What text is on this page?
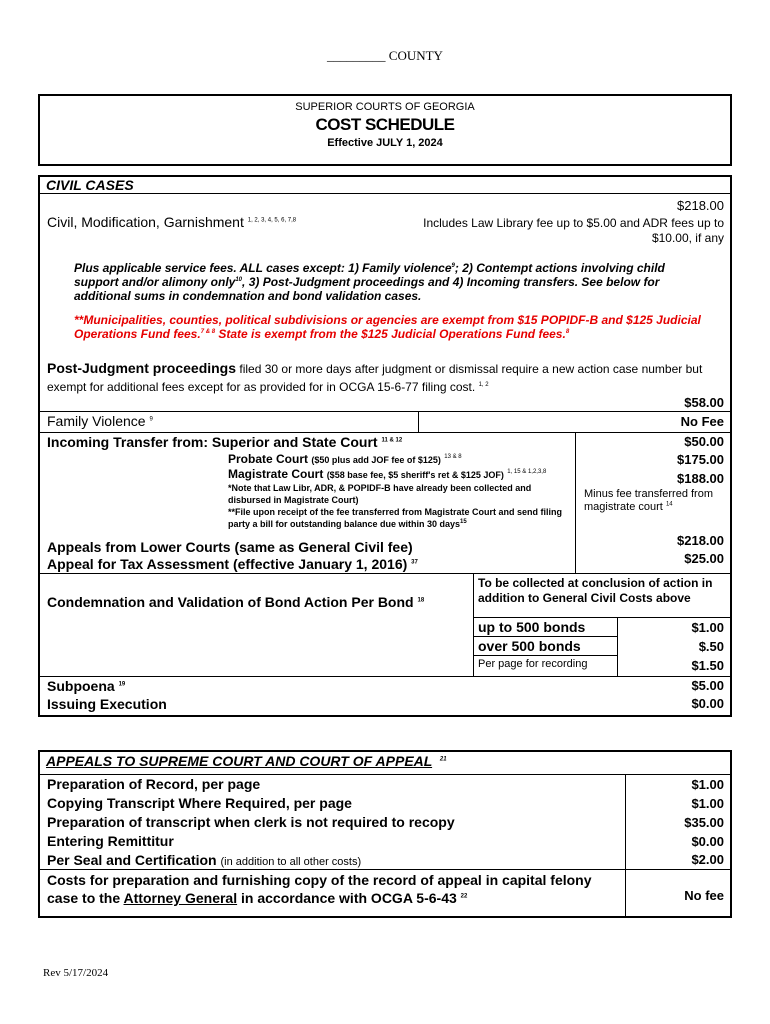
_________ COUNTY
SUPERIOR COURTS OF GEORGIA
COST SCHEDULE
Effective JULY 1, 2024
CIVIL CASES
Civil, Modification, Garnishment $^{1, 2, 3, 4, 5, 6, 7,8}$
$218.00
Includes Law Library fee up to $5.00 and ADR fees up to $10.00, if any
Plus applicable service fees. ALL cases except: 1) Family violence$^9$; 2) Contempt actions involving child support and/or alimony only$^{10}$, 3) Post-Judgment proceedings and 4) Incoming transfers. See below for additional sums in condemnation and bond validation cases.
**Municipalities, counties, political subdivisions or agencies are exempt from $15 POPIDF-B and $125 Judicial Operations Fund fees.$^{7 \& 8}$ State is exempt from the $125 Judicial Operations Fund fees.$^8$
Post-Judgment proceedings filed 30 or more days after judgment or dismissal require a new action case number but exempt for additional fees except for as provided for in OCGA 15-6-77 filing cost. $^{1, 2}$
$58.00
Family Violence $^9$	No Fee
Incoming Transfer from: Superior and State Court $^{11 \& 12}$	$50.00
Probate Court ($50 plus add JOF fee of $125) $^{13 \& 8}$	$175.00
Magistrate Court ($58 base fee, $5 sheriff's ret & $125 JOF) $^{1, 15 \& 1,2,3,8}$	$188.00
*Note that Law Libr, ADR, & POPIDF-B have already been collected and disbursed in Magistrate Court)
**File upon receipt of the fee transferred from Magistrate Court and send filing party a bill for outstanding balance due within 30 days$^{15}$
Minus fee transferred from magistrate court $^{14}$
Appeals from Lower Courts (same as General Civil fee)	$218.00
Appeal for Tax Assessment (effective January 1, 2016) $^{37}$	$25.00
Condemnation and Validation of Bond Action Per Bond $^{18}$
To be collected at conclusion of action in addition to General Civil Costs above
up to 500 bonds	$1.00
over 500 bonds	$.50
Per page for recording	$1.50
Subpoena $^{19}$	$5.00
Issuing Execution	$0.00
APPEALS TO SUPREME COURT AND COURT OF APPEAL $^{21}$
Preparation of Record, per page	$1.00
Copying Transcript Where Required, per page	$1.00
Preparation of transcript when clerk is not required to recopy	$35.00
Entering Remittitur	$0.00
Per Seal and Certification (in addition to all other costs)	$2.00
Costs for preparation and furnishing copy of the record of appeal in capital felony case to the Attorney General in accordance with OCGA 5-6-43 $^{22}$	No fee
Rev 5/17/2024
